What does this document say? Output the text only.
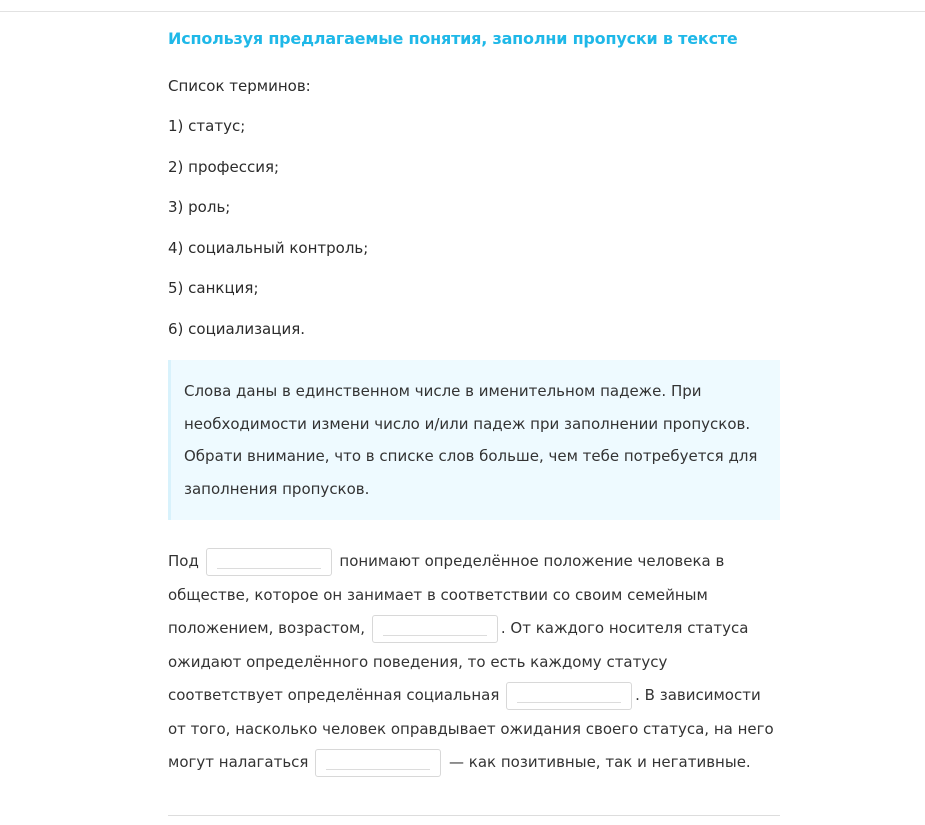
Используя предлагаемые понятия, заполни пропуски в тексте
Список терминов:
1) статус;
2) профессия;
3) роль;
4) социальный контроль;
5) санкция;
6) социализация.
Слова даны в единственном числе в именительном падеже. При необходимости измени число и/или падеж при заполнении пропусков. Обрати внимание, что в списке слов больше, чем тебе потребуется для заполнения пропусков.
Под	понимают определённое положение человека в обществе, которое он занимает в соответствии со своим семейным положением, возрастом,	. От каждого носителя статуса ожидают определённого поведения, то есть каждому статусу соответствует определённая социальная	. В зависимости от того, насколько человек оправдывает ожидания своего статуса, на него могут налагаться	— как позитивные, так и негативные.
